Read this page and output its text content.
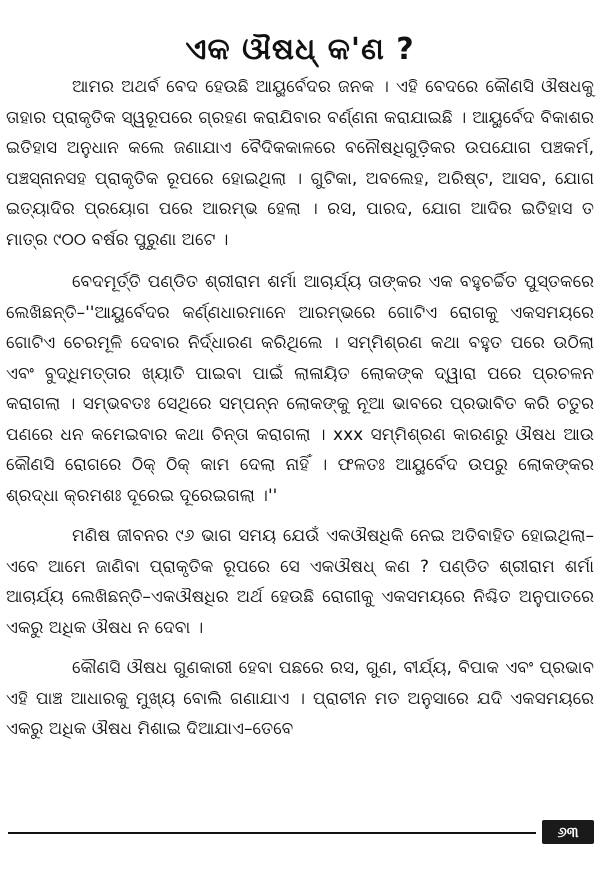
ଏକ ଔଷଧ୍ କ'ଣ ?

ଆମର ଅଥର୍ବ ବେଦ ହେଉଛି ଆୟୁର୍ବେଦର ଜନକ । ଏହି ବେଦରେ କୌଣସି ଔଷଧକୁ ତାହାର ପ୍ରାକୃତିକ ସ୍ୱରୂପରେ ଗ୍ରହଣ କରାଯିବାର ବର୍ଣ୍ଣନା କରାଯାଇଛି । ଆୟୁର୍ବେଦ ବିକାଶର ଇତିହାସ ଅନୁଧାନ କଲେ ଜଣାଯାଏ ବୈଦିକକାଳରେ ବନୌଷଧିଗୁଡ଼ିକର ଉପଯୋଗ ପଞ୍ଚକର୍ମ, ପଞ୍ଚସ୍ନାନସହ ପ୍ରାକୃତିକ ରୂପରେ ହୋଇଥିଲା । ଗୁଟିକା, ଅବଲେହ, ଅରିଷ୍ଟ, ଆସବ, ଯୋଗ ଇତ୍ୟାଦିର ପ୍ରୟୋଗ ପରେ ଆରମ୍ଭ ହେଲା । ରସ, ପାରଦ, ଯୋଗ ଆଦିର ଇତିହାସ ତ ମାତ୍ର ୯୦୦ ବର୍ଷର ପୁରୁଣା ଅଟେ ।

ବେଦମୂର୍ତ୍ତି ପଣ୍ଡିତ ଶ୍ରୀରାମ ଶର୍ମା ଆଚାର୍ଯ୍ୟ ତାଙ୍କର ଏକ ବହୁଚର୍ଚ୍ଚିତ ପୁସ୍ତକରେ ଲେଖିଛନ୍ତି–''ଆୟୁର୍ବେଦର କର୍ଣ୍ଣଧାରମାନେ ଆରମ୍ଭରେ ଗୋଟିଏ ରୋଗକୁ ଏକସମୟରେ ଗୋଟିଏ ଚେରମୂଳି ଦେବାର ନିର୍ଦ୍ଧାରଣ କରିଥିଲେ । ସମ୍ମିଶ୍ରଣ କଥା ବହୁତ ପରେ ଉଠିଲା ଏବଂ ବୁଦ୍ଧିମତ୍ତାର ଖ୍ୟାତି ପାଇବା ପାଇଁ ଲାଳାୟିତ ଲୋକଙ୍କ ଦ୍ୱାରା ପରେ ପ୍ରଚଳନ କରାଗଲା । ସମ୍ଭବତଃ ସେଥିରେ ସମ୍ପନ୍ନ ଲୋକଙ୍କୁ ନୂଆ ଭାବରେ ପ୍ରଭାବିତ କରି ଚତୁର ପଣରେ ଧନ କମେଇବାର କଥା ଚିନ୍ତା କରାଗଲା । xxx ସମ୍ମିଶ୍ରଣ କାରଣରୁ ଔଷଧ ଆଉ କୌଣସି ରୋଗରେ ଠିକ୍ ଠିକ୍ କାମ ଦେଲା ନାହିଁ । ଫଳତଃ ଆୟୁର୍ବେଦ ଉପରୁ ଲୋକଙ୍କର ଶ୍ରଦ୍ଧା କ୍ରମଶଃ ଦୂରେଇ ଦୂରେଇଗଲା ।''

ମଣିଷ ଜୀବନର ୯୬ ଭାଗ ସମୟ ଯେଉଁ ଏକଔଷଧିକି ନେଇ ଅତିବାହିତ ହୋଇଥିଲା–ଏବେ ଆମେ ଜାଣିବା ପ୍ରାକୃତିକ ରୂପରେ ସେ ଏକଔଷଧ୍ କଣ ? ପଣ୍ଡିତ ଶ୍ରୀରାମ ଶର୍ମା ଆଚାର୍ଯ୍ୟ ଲେଖିଛନ୍ତି–ଏକଔଷଧିର ଅର୍ଥ ହେଉଛି ରୋଗୀକୁ ଏକସମୟରେ ନିଶ୍ଚିତ ଅନୁପାତରେ ଏକରୁ ଅଧିକ ଔଷଧ ନ ଦେବା ।

କୌଣସି ଔଷଧ ଗୁଣକାରୀ ହେବା ପଛରେ ରସ, ଗୁଣ, ବୀର୍ଯ୍ୟ, ବିପାକ ଏବଂ ପ୍ରଭାବ ଏହି ପାଞ୍ଚ ଆଧାରକୁ ମୁଖ୍ୟ ବୋଲି ଗଣାଯାଏ । ପ୍ରାଚୀନ ମତ ଅନୁସାରେ ଯଦି ଏକସମୟରେ ଏକରୁ ଅଧିକ ଔଷଧ ମିଶାଇ ଦିଆଯାଏ–ତେବେ

୬୩
